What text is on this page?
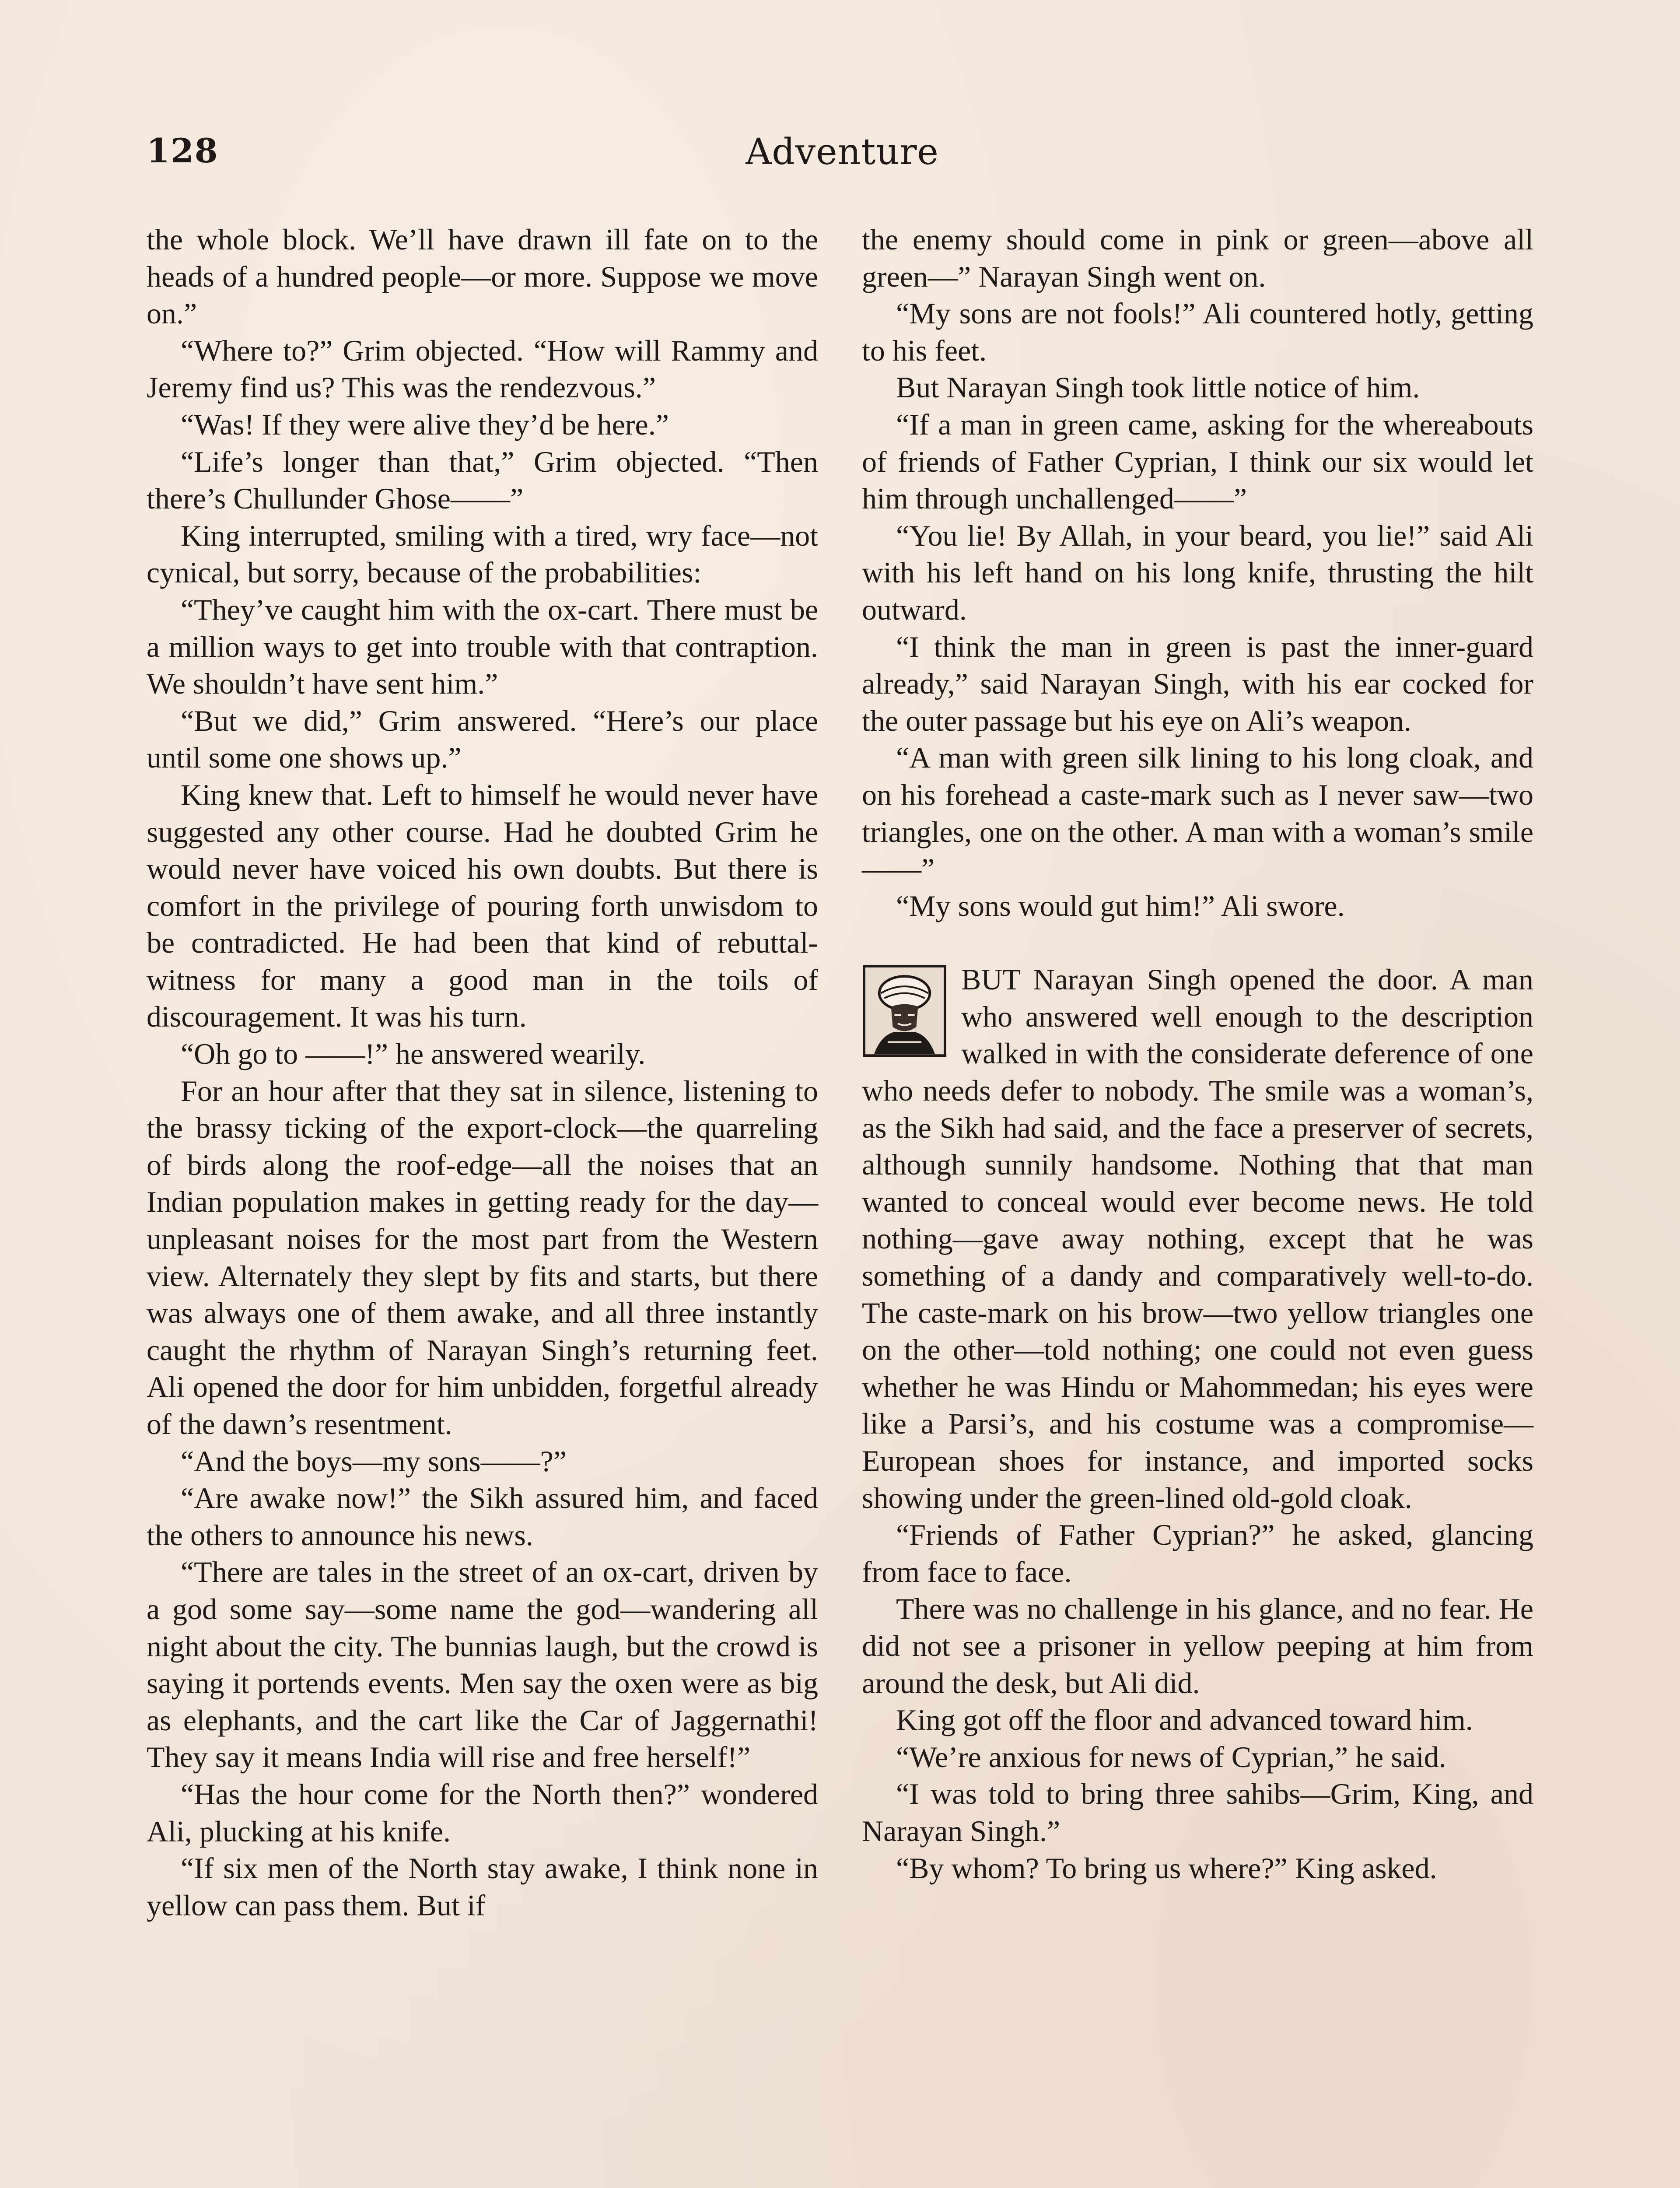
128	Adventure

the whole block. We’ll have drawn ill fate on to the heads of a hundred people—or more. Suppose we move on.”

“Where to?” Grim objected. “How will Rammy and Jeremy find us? This was the rendezvous.”

“Was! If they were alive they’d be here.”

“Life’s longer than that,” Grim objected. “Then there’s Chullunder Ghose——”

King interrupted, smiling with a tired, wry face—not cynical, but sorry, because of the probabilities:

“They’ve caught him with the ox-cart. There must be a million ways to get into trouble with that contraption. We shouldn’t have sent him.”

“But we did,” Grim answered. “Here’s our place until some one shows up.”

King knew that. Left to himself he would never have suggested any other course. Had he doubted Grim he would never have voiced his own doubts. But there is comfort in the privilege of pouring forth unwisdom to be contradicted. He had been that kind of rebuttal-witness for many a good man in the toils of discouragement. It was his turn.

“Oh go to ——!” he answered wearily.

For an hour after that they sat in silence, listening to the brassy ticking of the export-clock—the quarreling of birds along the roof-edge—all the noises that an Indian population makes in getting ready for the day—unpleasant noises for the most part from the Western view. Alternately they slept by fits and starts, but there was always one of them awake, and all three instantly caught the rhythm of Narayan Singh’s returning feet. Ali opened the door for him unbidden, forgetful already of the dawn’s resentment.

“And the boys—my sons——?”

“Are awake now!” the Sikh assured him, and faced the others to announce his news.

“There are tales in the street of an ox-cart, driven by a god some say—some name the god—wandering all night about the city. The bunnias laugh, but the crowd is saying it portends events. Men say the oxen were as big as elephants, and the cart like the Car of Jaggernathi! They say it means India will rise and free herself!”

“Has the hour come for the North then?” wondered Ali, plucking at his knife.

“If six men of the North stay awake, I think none in yellow can pass them. But if

the enemy should come in pink or green—above all green—” Narayan Singh went on.

“My sons are not fools!” Ali countered hotly, getting to his feet.

But Narayan Singh took little notice of him.

“If a man in green came, asking for the whereabouts of friends of Father Cyprian, I think our six would let him through unchallenged——”

“You lie! By Allah, in your beard, you lie!” said Ali with his left hand on his long knife, thrusting the hilt outward.

“I think the man in green is past the inner-guard already,” said Narayan Singh, with his ear cocked for the outer passage but his eye on Ali’s weapon.

“A man with green silk lining to his long cloak, and on his forehead a caste-mark such as I never saw—two triangles, one on the other. A man with a woman’s smile——”

“My sons would gut him!” Ali swore.

BUT Narayan Singh opened the door. A man who answered well enough to the description walked in with the considerate deference of one who needs defer to nobody. The smile was a woman’s, as the Sikh had said, and the face a preserver of secrets, although sunnily handsome. Nothing that that man wanted to conceal would ever become news. He told nothing—gave away nothing, except that he was something of a dandy and comparatively well-to-do. The caste-mark on his brow—two yellow triangles one on the other—told nothing; one could not even guess whether he was Hindu or Mahommedan; his eyes were like a Parsi’s, and his costume was a compromise—European shoes for instance, and imported socks showing under the green-lined old-gold cloak.

“Friends of Father Cyprian?” he asked, glancing from face to face.

There was no challenge in his glance, and no fear. He did not see a prisoner in yellow peeping at him from around the desk, but Ali did.

King got off the floor and advanced toward him.

“We’re anxious for news of Cyprian,” he said.

“I was told to bring three sahibs—Grim, King, and Narayan Singh.”

“By whom? To bring us where?” King asked.
